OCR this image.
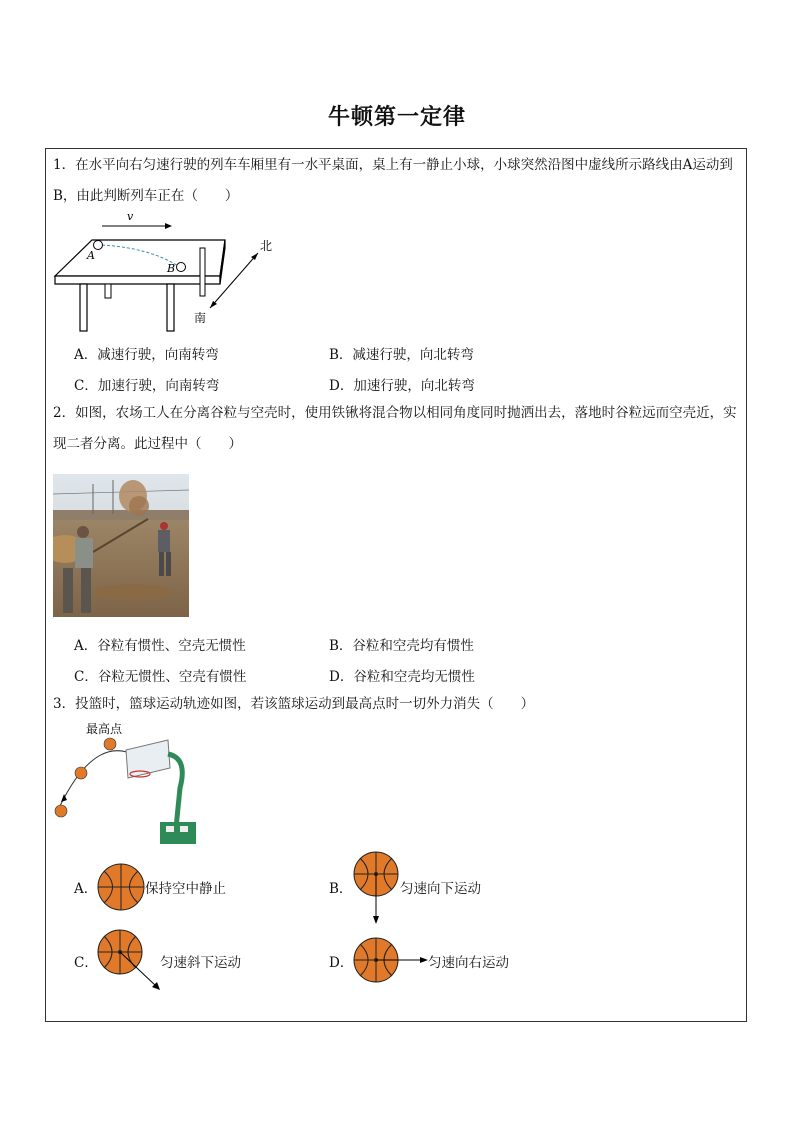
牛顿第一定律
1．在水平向右匀速行驶的列车车厢里有一水平桌面，桌上有一静止小球，小球突然沿图中虚线所示路线由A运动到B，由此判断列车正在（　　）
v
A
B
北
南
A．减速行驶，向南转弯	B．减速行驶，向北转弯
C．加速行驶，向南转弯	D．加速行驶，向北转弯
2．如图，农场工人在分离谷粒与空壳时，使用铁锹将混合物以相同角度同时抛洒出去，落地时谷粒远而空壳近，实现二者分离。此过程中（　　）
A．谷粒有惯性、空壳无惯性	B．谷粒和空壳均有惯性
C．谷粒无惯性、空壳有惯性	D．谷粒和空壳均无惯性
3．投篮时，篮球运动轨迹如图，若该篮球运动到最高点时一切外力消失（　　）
最高点
A．	保持空中静止	B．	匀速向下运动
C．	匀速斜下运动	D．	匀速向右运动
